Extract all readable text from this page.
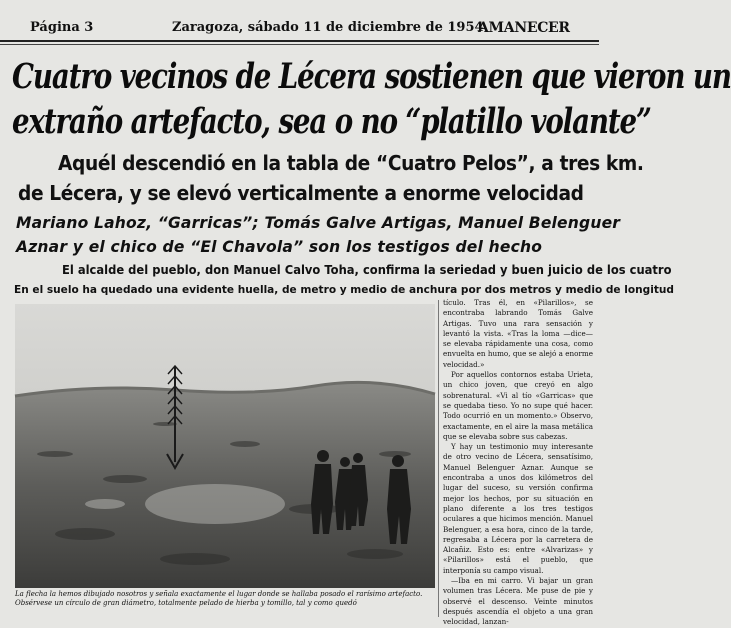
Página 3	Zaragoza, sábado 11 de diciembre de 1954
AMANECER
Cuatro vecinos de Lécera sostienen que vieron un
extraño artefacto, sea o no “platillo volante”
Aquél descendió en la tabla de “Cuatro Pelos”, a tres km.
de Lécera, y se elevó verticalmente a enorme velocidad
Mariano Lahoz, “Garricas”; Tomás Galve Artigas, Manuel Belenguer
Aznar y el chico de “El Chavola” son los testigos del hecho
El alcalde del pueblo, don Manuel Calvo Toha, confirma la seriedad y buen juicio de los cuatro
En el suelo ha quedado una evidente huella, de metro y medio de anchura por dos metros y medio de longitud
La flecha la hemos dibujado nosotros y señala exactamente el lugar donde se hallaba posado el rarísimo artefacto. Obsérvese un círculo de gran diámetro, totalmente pelado de hierba y tomillo, tal y como quedó

tículo. Tras él, en «Pilarillos», se encontraba labrando Tomás Galve Artigas. Tuvo una rara sensación y levantó la vista. «Tras la loma —dice— se elevaba rápidamente una cosa, como envuelta en humo, que se alejó a enorme velocidad.»

Por aquellos contornos estaba Urieta, un chico joven, que creyó en algo sobrenatural. «Vi al tío «Garricas» que se quedaba tieso. Yo no supe qué hacer. Todo ocurrió en un momento.» Observo, exactamente, en el aire la masa metálica que se elevaba sobre sus cabezas.

Y hay un testimonio muy interesante de otro vecino de Lécera, sensatísimo, Manuel Belenguer Aznar. Aunque se encontraba a unos dos kilómetros del lugar del suceso, su versión confirma mejor los hechos, por su situación en plano diferente a los tres testigos oculares a que hicimos mención. Manuel Belenguer, a esa hora, cinco de la tarde, regresaba a Lécera por la carretera de Alcañiz. Esto es: entre «Alvarizas» y «Pilarillos» está el pueblo, que interponía su campo visual.

—Iba en mi carro. Vi bajar un gran volumen tras Lécera. Me puse de pie y observé el descenso. Veinte minutos después ascendía el objeto a una gran velocidad, lanzan-
